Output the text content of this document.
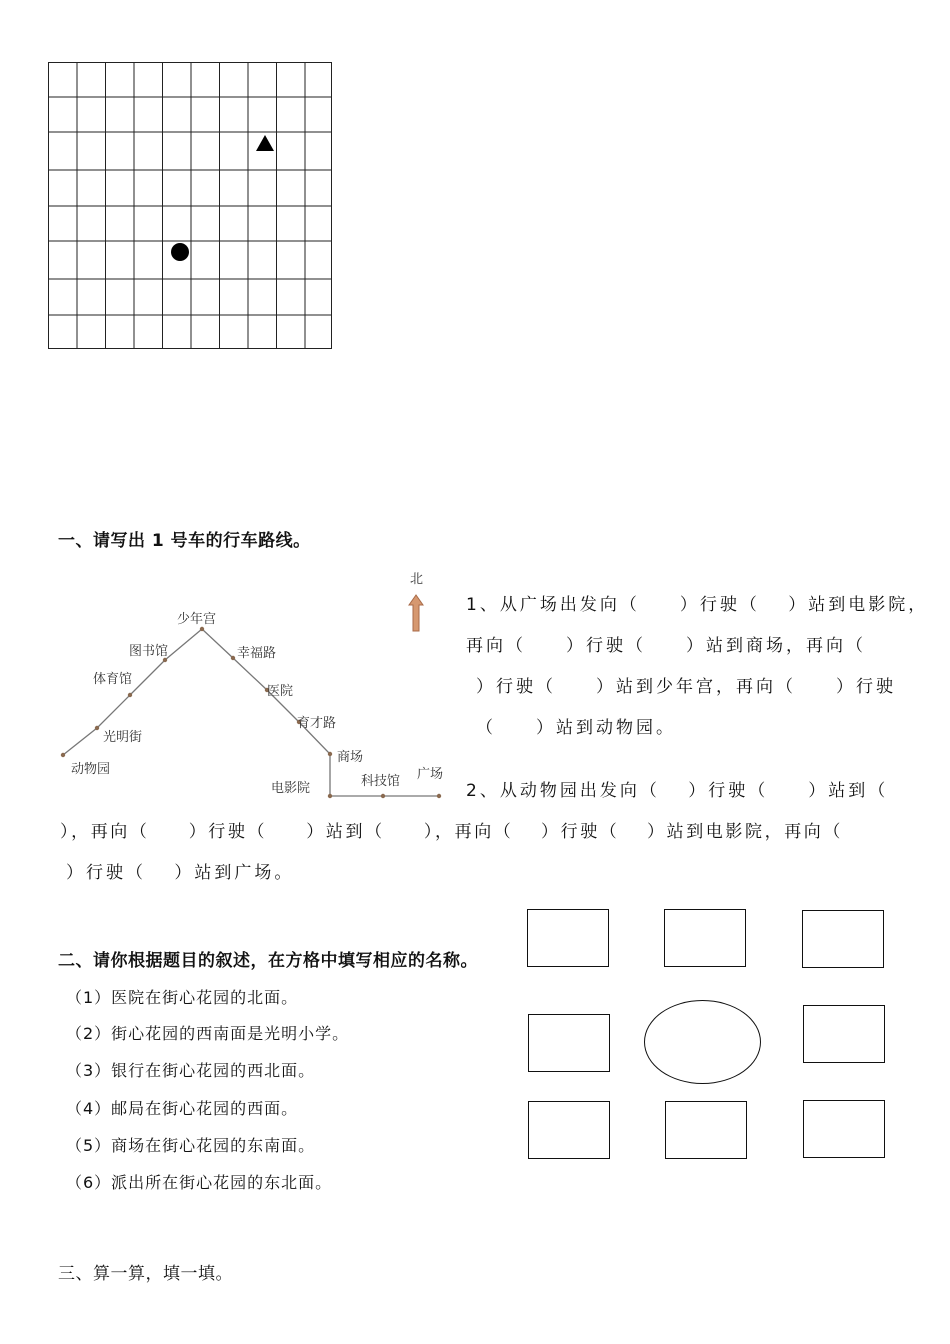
一、请写出 1 号车的行车路线。
少年宫
图书馆	幸福路
体育馆
医院
育才路
光明街
商场
动物园
电影院	科技馆 广场
北
1、从广场出发向（　　）行驶（　 ）站到电影院，
再向（　　）行驶（　　）站到商场，再向（
）行驶（　　）站到少年宫，再向（　　）行驶
（　　）站到动物园。
2、从动物园出发向（　 ）行驶（　　）站到（
），再向（　　）行驶（　　）站到（　　），再向（　 ）行驶（　 ）站到电影院，再向（
）行驶（　 ）站到广场。
二、请你根据题目的叙述，在方格中填写相应的名称。
（1）医院在街心花园的北面。
（2）街心花园的西南面是光明小学。
（3）银行在街心花园的西北面。
（4）邮局在街心花园的西面。
（5）商场在街心花园的东南面。
（6）派出所在街心花园的东北面。
三、算一算，填一填。
